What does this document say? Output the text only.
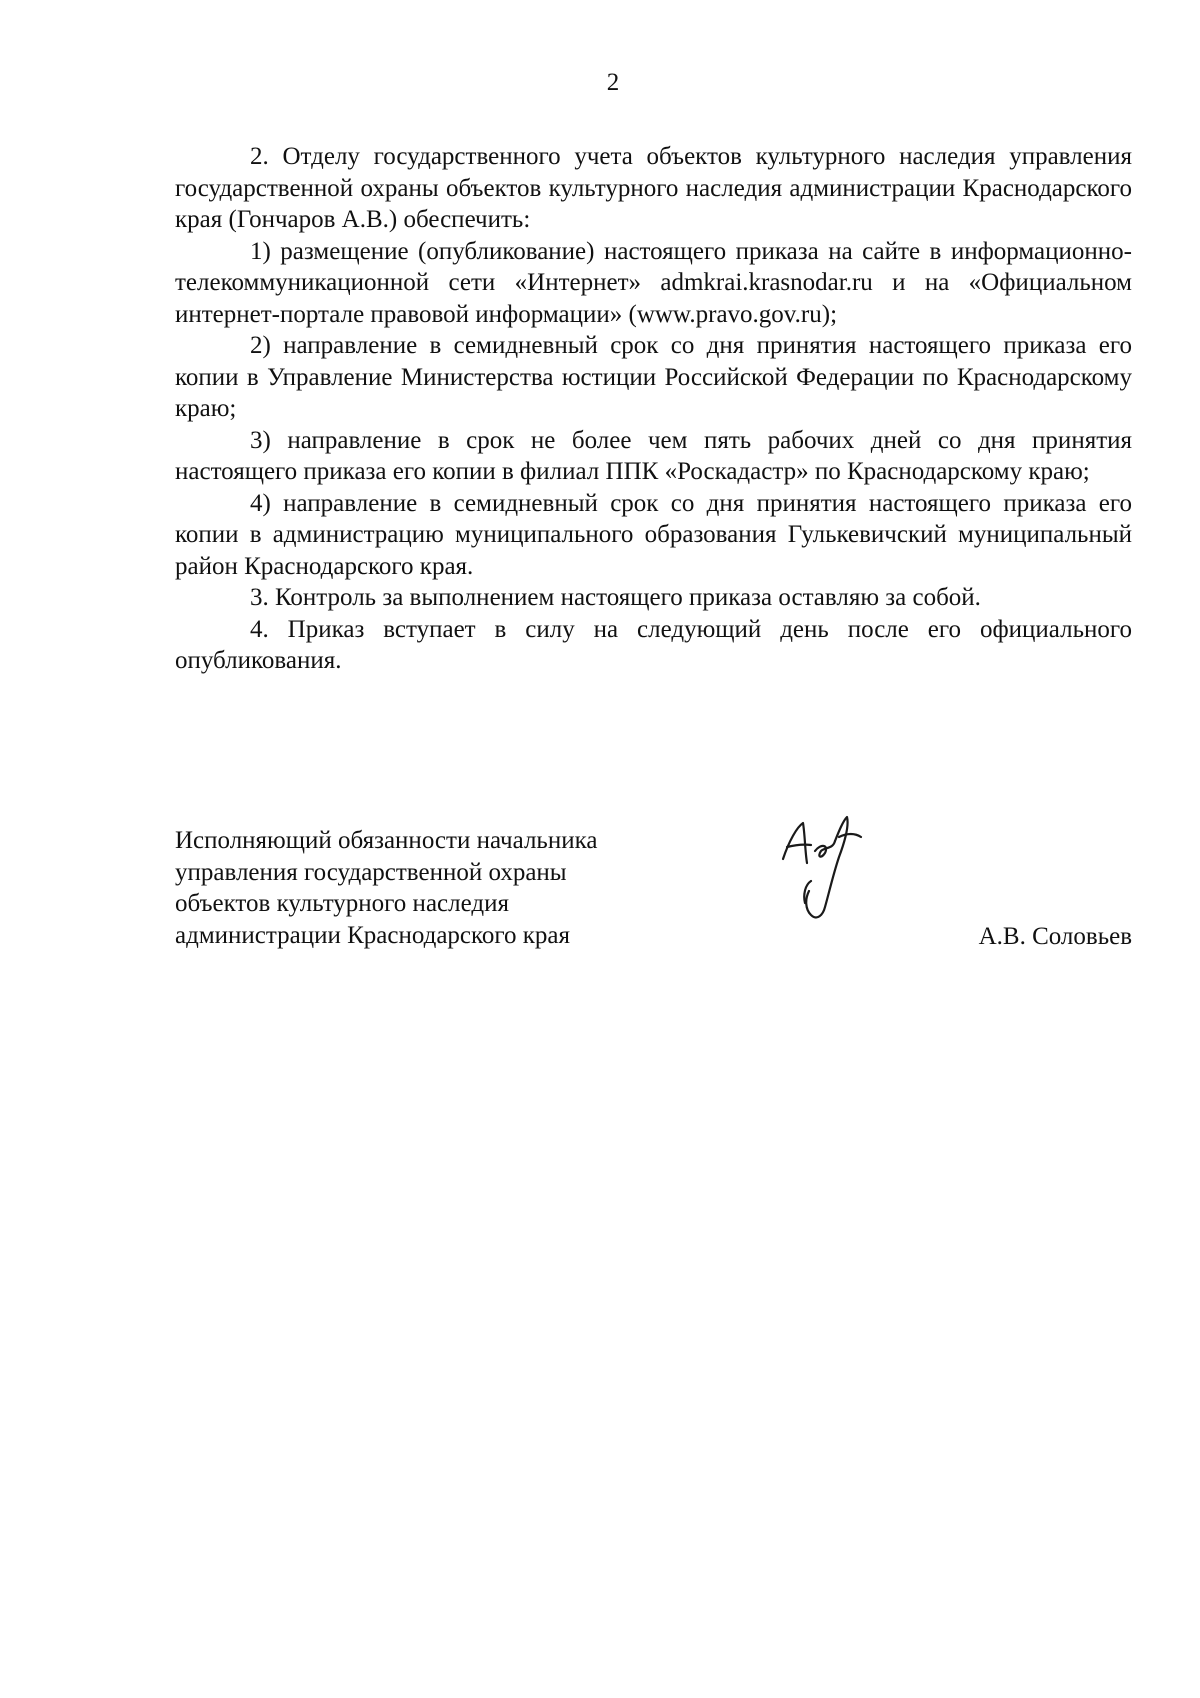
2

2. Отделу государственного учета объектов культурного наследия управления государственной охраны объектов культурного наследия администрации Краснодарского края (Гончаров А.В.) обеспечить:

1) размещение (опубликование) настоящего приказа на сайте в информационно-телекоммуникационной сети «Интернет» admkrai.krasnodar.ru и на «Официальном интернет-портале правовой информации» (www.pravo.gov.ru);

2) направление в семидневный срок со дня принятия настоящего приказа его копии в Управление Министерства юстиции Российской Федерации по Краснодарскому краю;

3) направление в срок не более чем пять рабочих дней со дня принятия настоящего приказа его копии в филиал ППК «Роскадастр» по Краснодарскому краю;

4) направление в семидневный срок со дня принятия настоящего приказа его копии в администрацию муниципального образования Гулькевичский муниципальный район Краснодарского края.

3. Контроль за выполнением настоящего приказа оставляю за собой.

4. Приказ вступает в силу на следующий день после его официального опубликования.

Исполняющий обязанности начальника
управления государственной охраны
объектов культурного наследия
администрации Краснодарского края	А.В. Соловьев
